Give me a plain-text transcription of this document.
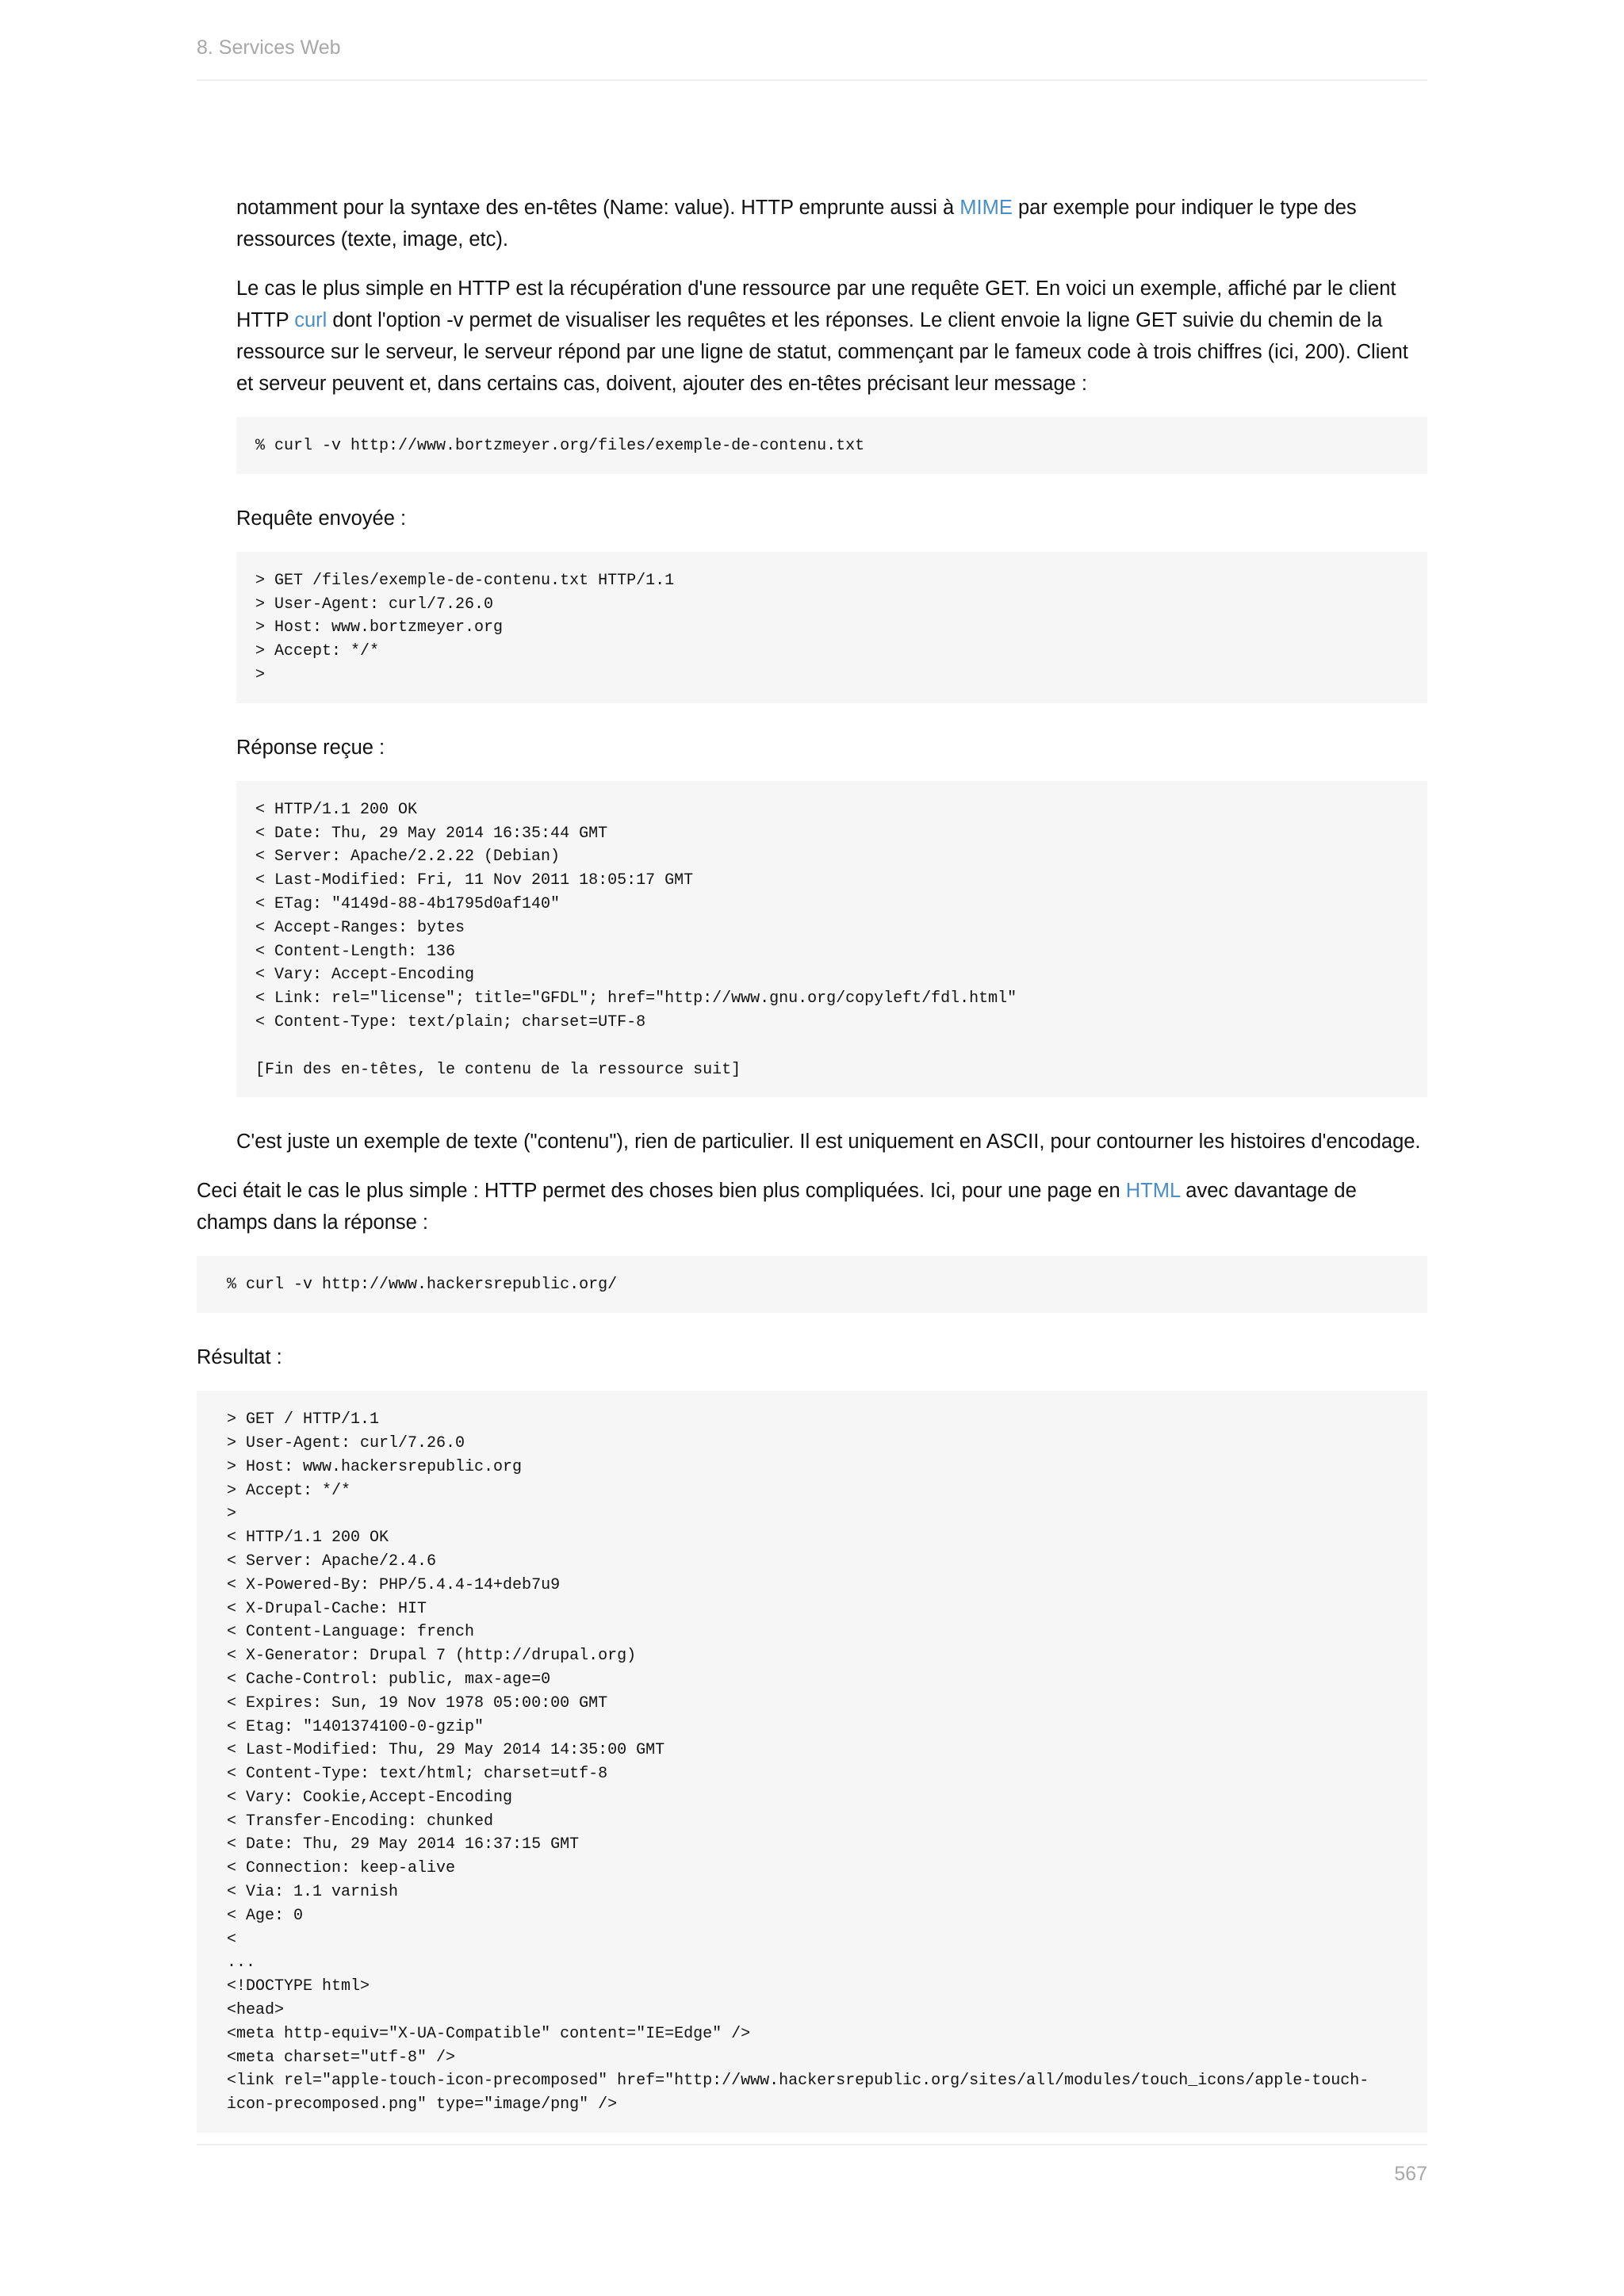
8. Services Web

notamment pour la syntaxe des en-têtes (Name: value). HTTP emprunte aussi à MIME par exemple pour indiquer le type des ressources (texte, image, etc).

Le cas le plus simple en HTTP est la récupération d'une ressource par une requête GET. En voici un exemple, affiché par le client HTTP curl dont l'option -v permet de visualiser les requêtes et les réponses. Le client envoie la ligne GET suivie du chemin de la ressource sur le serveur, le serveur répond par une ligne de statut, commençant par le fameux code à trois chiffres (ici, 200). Client et serveur peuvent et, dans certains cas, doivent, ajouter des en-têtes précisant leur message :

% curl -v http://www.bortzmeyer.org/files/exemple-de-contenu.txt

Requête envoyée :

> GET /files/exemple-de-contenu.txt HTTP/1.1
> User-Agent: curl/7.26.0
> Host: www.bortzmeyer.org
> Accept: */*
>

Réponse reçue :

< HTTP/1.1 200 OK
< Date: Thu, 29 May 2014 16:35:44 GMT
< Server: Apache/2.2.22 (Debian)
< Last-Modified: Fri, 11 Nov 2011 18:05:17 GMT
< ETag: "4149d-88-4b1795d0af140"
< Accept-Ranges: bytes
< Content-Length: 136
< Vary: Accept-Encoding
< Link: rel="license"; title="GFDL"; href="http://www.gnu.org/copyleft/fdl.html"
< Content-Type: text/plain; charset=UTF-8

[Fin des en-têtes, le contenu de la ressource suit]

C'est juste un exemple de texte ("contenu"), rien de particulier. Il est uniquement en ASCII, pour contourner les histoires d'encodage.

Ceci était le cas le plus simple : HTTP permet des choses bien plus compliquées. Ici, pour une page en HTML avec davantage de champs dans la réponse :

% curl -v http://www.hackersrepublic.org/

Résultat :

> GET / HTTP/1.1
> User-Agent: curl/7.26.0
> Host: www.hackersrepublic.org
> Accept: */*
>
< HTTP/1.1 200 OK
< Server: Apache/2.4.6
< X-Powered-By: PHP/5.4.4-14+deb7u9
< X-Drupal-Cache: HIT
< Content-Language: french
< X-Generator: Drupal 7 (http://drupal.org)
< Cache-Control: public, max-age=0
< Expires: Sun, 19 Nov 1978 05:00:00 GMT
< Etag: "1401374100-0-gzip"
< Last-Modified: Thu, 29 May 2014 14:35:00 GMT
< Content-Type: text/html; charset=utf-8
< Vary: Cookie,Accept-Encoding
< Transfer-Encoding: chunked
< Date: Thu, 29 May 2014 16:37:15 GMT
< Connection: keep-alive
< Via: 1.1 varnish
< Age: 0
<
...
<!DOCTYPE html>
<head>
<meta http-equiv="X-UA-Compatible" content="IE=Edge" />
<meta charset="utf-8" />
<link rel="apple-touch-icon-precomposed" href="http://www.hackersrepublic.org/sites/all/modules/touch_icons/apple-touch-icon-precomposed.png" type="image/png" />
567
